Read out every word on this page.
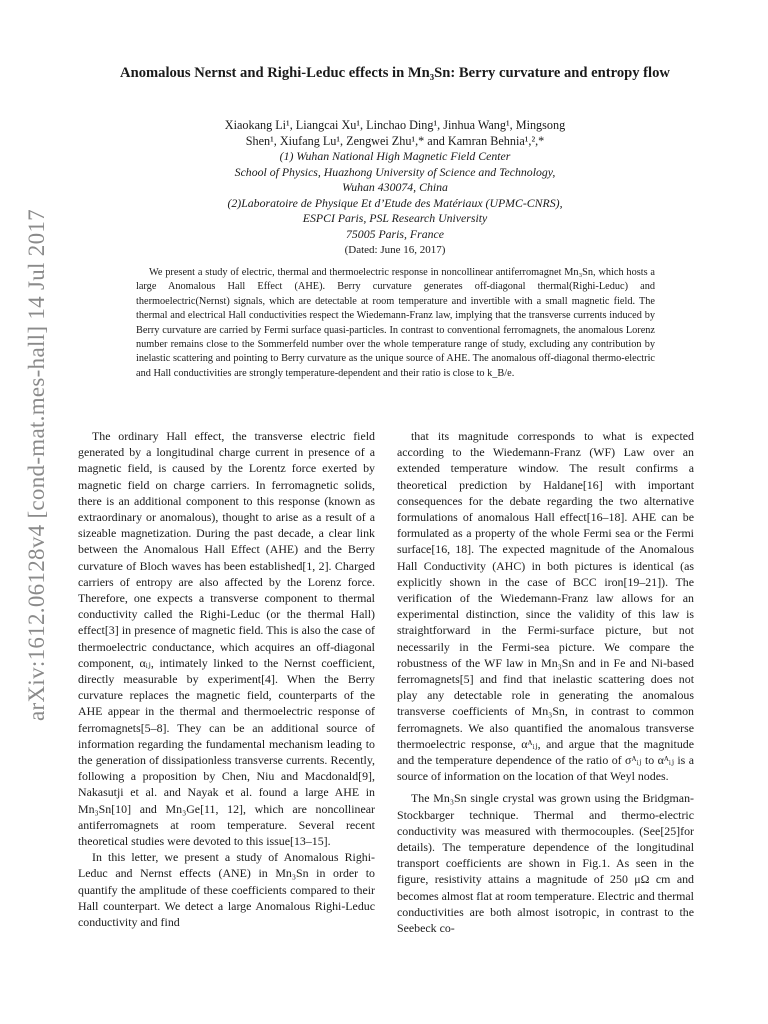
arXiv:1612.06128v4 [cond-mat.mes-hall] 14 Jul 2017
Anomalous Nernst and Righi-Leduc effects in Mn₃Sn: Berry curvature and entropy flow
Xiaokang Li¹, Liangcai Xu¹, Linchao Ding¹, Jinhua Wang¹, Mingsong
Shen¹, Xiufang Lu¹, Zengwei Zhu¹,* and Kamran Behnia¹,²,*
(1) Wuhan National High Magnetic Field Center
School of Physics, Huazhong University of Science and Technology,
Wuhan 430074, China
(2)Laboratoire de Physique Et d’Etude des Matériaux (UPMC-CNRS),
ESPCI Paris, PSL Research University
75005 Paris, France
(Dated: June 16, 2017)

We present a study of electric, thermal and thermoelectric response in noncollinear antiferromagnet Mn₃Sn, which hosts a large Anomalous Hall Effect (AHE). Berry curvature generates off-diagonal thermal(Righi-Leduc) and thermoelectric(Nernst) signals, which are detectable at room temperature and invertible with a small magnetic field. The thermal and electrical Hall conductivities respect the Wiedemann-Franz law, implying that the transverse currents induced by Berry curvature are carried by Fermi surface quasi-particles. In contrast to conventional ferromagnets, the anomalous Lorenz number remains close to the Sommerfeld number over the whole temperature range of study, excluding any contribution by inelastic scattering and pointing to Berry curvature as the unique source of AHE. The anomalous off-diagonal thermo-electric and Hall conductivities are strongly temperature-dependent and their ratio is close to k_B/e.

The ordinary Hall effect, the transverse electric field generated by a longitudinal charge current in presence of a magnetic field, is caused by the Lorentz force exerted by magnetic field on charge carriers. In ferromagnetic solids, there is an additional component to this response (known as extraordinary or anomalous), thought to arise as a result of a sizeable magnetization. During the past decade, a clear link between the Anomalous Hall Effect (AHE) and the Berry curvature of Bloch waves has been established[1, 2]. Charged carriers of entropy are also affected by the Lorenz force. Therefore, one expects a transverse component to thermal conductivity called the Righi-Leduc (or the thermal Hall) effect[3] in presence of magnetic field. This is also the case of thermoelectric conductance, which acquires an off-diagonal component, αᵢⱼ, intimately linked to the Nernst coefficient, directly measurable by experiment[4]. When the Berry curvature replaces the magnetic field, counterparts of the AHE appear in the thermal and thermoelectric response of ferromagnets[5–8]. They can be an additional source of information regarding the fundamental mechanism leading to the generation of dissipationless transverse currents. Recently, following a proposition by Chen, Niu and Macdonald[9], Nakasutji et al. and Nayak et al. found a large AHE in Mn₃Sn[10] and Mn₃Ge[11, 12], which are noncollinear antiferromagnets at room temperature. Several recent theoretical studies were devoted to this issue[13–15].

In this letter, we present a study of Anomalous Righi-Leduc and Nernst effects (ANE) in Mn₃Sn in order to quantify the amplitude of these coefficients compared to their Hall counterpart. We detect a large Anomalous Righi-Leduc conductivity and find

that its magnitude corresponds to what is expected according to the Wiedemann-Franz (WF) Law over an extended temperature window. The result confirms a theoretical prediction by Haldane[16] with important consequences for the debate regarding the two alternative formulations of anomalous Hall effect[16–18]. AHE can be formulated as a property of the whole Fermi sea or the Fermi surface[16, 18]. The expected magnitude of the Anomalous Hall Conductivity (AHC) in both pictures is identical (as explicitly shown in the case of BCC iron[19–21]). The verification of the Wiedemann-Franz law allows for an experimental distinction, since the validity of this law is straightforward in the Fermi-surface picture, but not necessarily in the Fermi-sea picture. We compare the robustness of the WF law in Mn₃Sn and in Fe and Ni-based ferromagnets[5] and find that inelastic scattering does not play any detectable role in generating the anomalous transverse coefficients of Mn₃Sn, in contrast to common ferromagnets. We also quantified the anomalous transverse thermoelectric response, αᴬᵢⱼ, and argue that the magnitude and the temperature dependence of the ratio of σᴬᵢⱼ to αᴬᵢⱼ is a source of information on the location of that Weyl nodes.

The Mn₃Sn single crystal was grown using the Bridgman-Stockbarger technique. Thermal and thermo-electric conductivity was measured with thermocouples. (See[25]for details). The temperature dependence of the longitudinal transport coefficients are shown in Fig.1. As seen in the figure, resistivity attains a magnitude of 250 μΩ cm and becomes almost flat at room temperature. Electric and thermal conductivities are both almost isotropic, in contrast to the Seebeck co-
